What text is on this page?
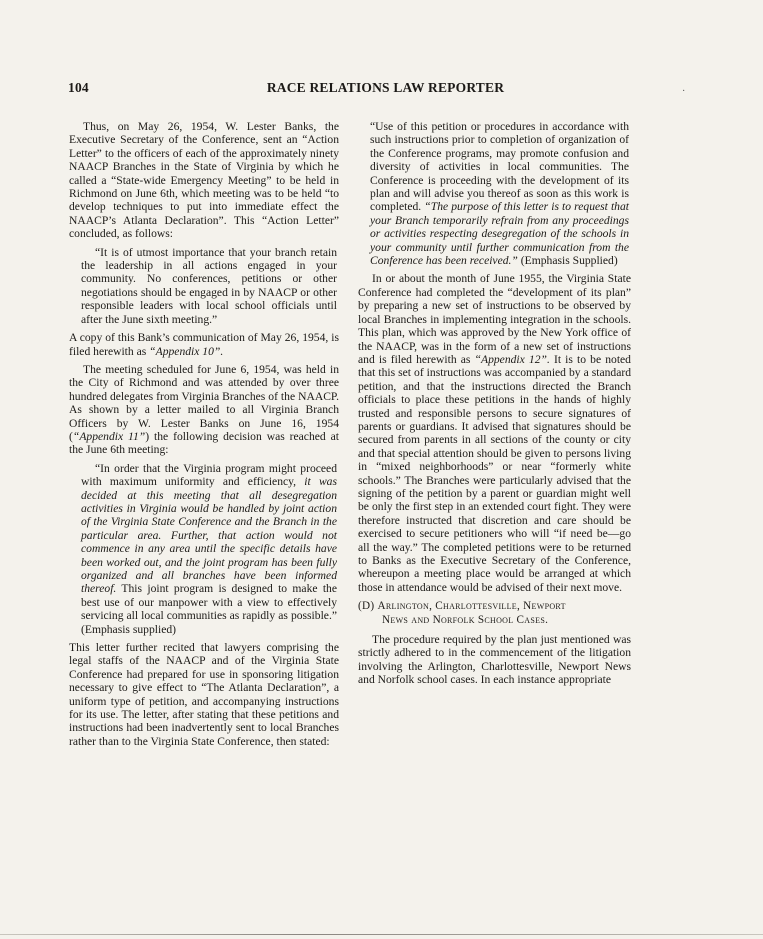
104	RACE RELATIONS LAW REPORTER	·

Thus, on May 26, 1954, W. Lester Banks, the Executive Secretary of the Conference, sent an “Action Letter” to the officers of each of the approximately ninety NAACP Branches in the State of Virginia by which he called a “State-wide Emergency Meeting” to be held in Richmond on June 6th, which meeting was to be held “to develop techniques to put into immediate effect the NAACP’s Atlanta Declaration”. This “Action Letter” concluded, as follows:

“It is of utmost importance that your branch retain the leadership in all actions engaged in your community. No conferences, petitions or other negotiations should be engaged in by NAACP or other responsible leaders with local school officials until after the June sixth meeting.”

A copy of this Bank’s communication of May 26, 1954, is filed herewith as “Appendix 10”.

The meeting scheduled for June 6, 1954, was held in the City of Richmond and was attended by over three hundred delegates from Virginia Branches of the NAACP. As shown by a letter mailed to all Virginia Branch Officers by W. Lester Banks on June 16, 1954 (“Appendix 11”) the following decision was reached at the June 6th meeting:

“In order that the Virginia program might proceed with maximum uniformity and efficiency, it was decided at this meeting that all desegregation activities in Virginia would be handled by joint action of the Virginia State Conference and the Branch in the particular area. Further, that action would not commence in any area until the specific details have been worked out, and the joint program has been fully organized and all branches have been informed thereof. This joint program is designed to make the best use of our manpower with a view to effectively servicing all local communities as rapidly as possible.” (Emphasis supplied)

This letter further recited that lawyers comprising the legal staffs of the NAACP and of the Virginia State Conference had prepared for use in sponsoring litigation necessary to give effect to “The Atlanta Declaration”, a uniform type of petition, and accompanying instructions for its use. The letter, after stating that these petitions and instructions had been inadvertently sent to local Branches rather than to the Virginia State Conference, then stated:

“Use of this petition or procedures in accordance with such instructions prior to completion of organization of the Conference programs, may promote confusion and diversity of activities in local communities. The Conference is proceeding with the development of its plan and will advise you thereof as soon as this work is completed. “The purpose of this letter is to request that your Branch temporarily refrain from any proceedings or activities respecting desegregation of the schools in your community until further communication from the Conference has been received.” (Emphasis Supplied)

In or about the month of June 1955, the Virginia State Conference had completed the “development of its plan” by preparing a new set of instructions to be observed by local Branches in implementing integration in the schools. This plan, which was approved by the New York office of the NAACP, was in the form of a new set of instructions and is filed herewith as “Appendix 12”. It is to be noted that this set of instructions was accompanied by a standard petition, and that the instructions directed the Branch officials to place these petitions in the hands of highly trusted and responsible persons to secure signatures of parents or guardians. It advised that signatures should be secured from parents in all sections of the county or city and that special attention should be given to persons living in “mixed neighborhoods” or near “formerly white schools.” The Branches were particularly advised that the signing of the petition by a parent or guardian might well be only the first step in an extended court fight. They were therefore instructed that discretion and care should be exercised to secure petitioners who will “if need be—go all the way.” The completed petitions were to be returned to Banks as the Executive Secretary of the Conference, whereupon a meeting place would be arranged at which those in attendance would be advised of their next move.

(D) Arlington, Charlottesville, Newport
News and Norfolk School Cases.

The procedure required by the plan just mentioned was strictly adhered to in the commencement of the litigation involving the Arlington, Charlottesville, Newport News and Norfolk school cases. In each instance appropriate
